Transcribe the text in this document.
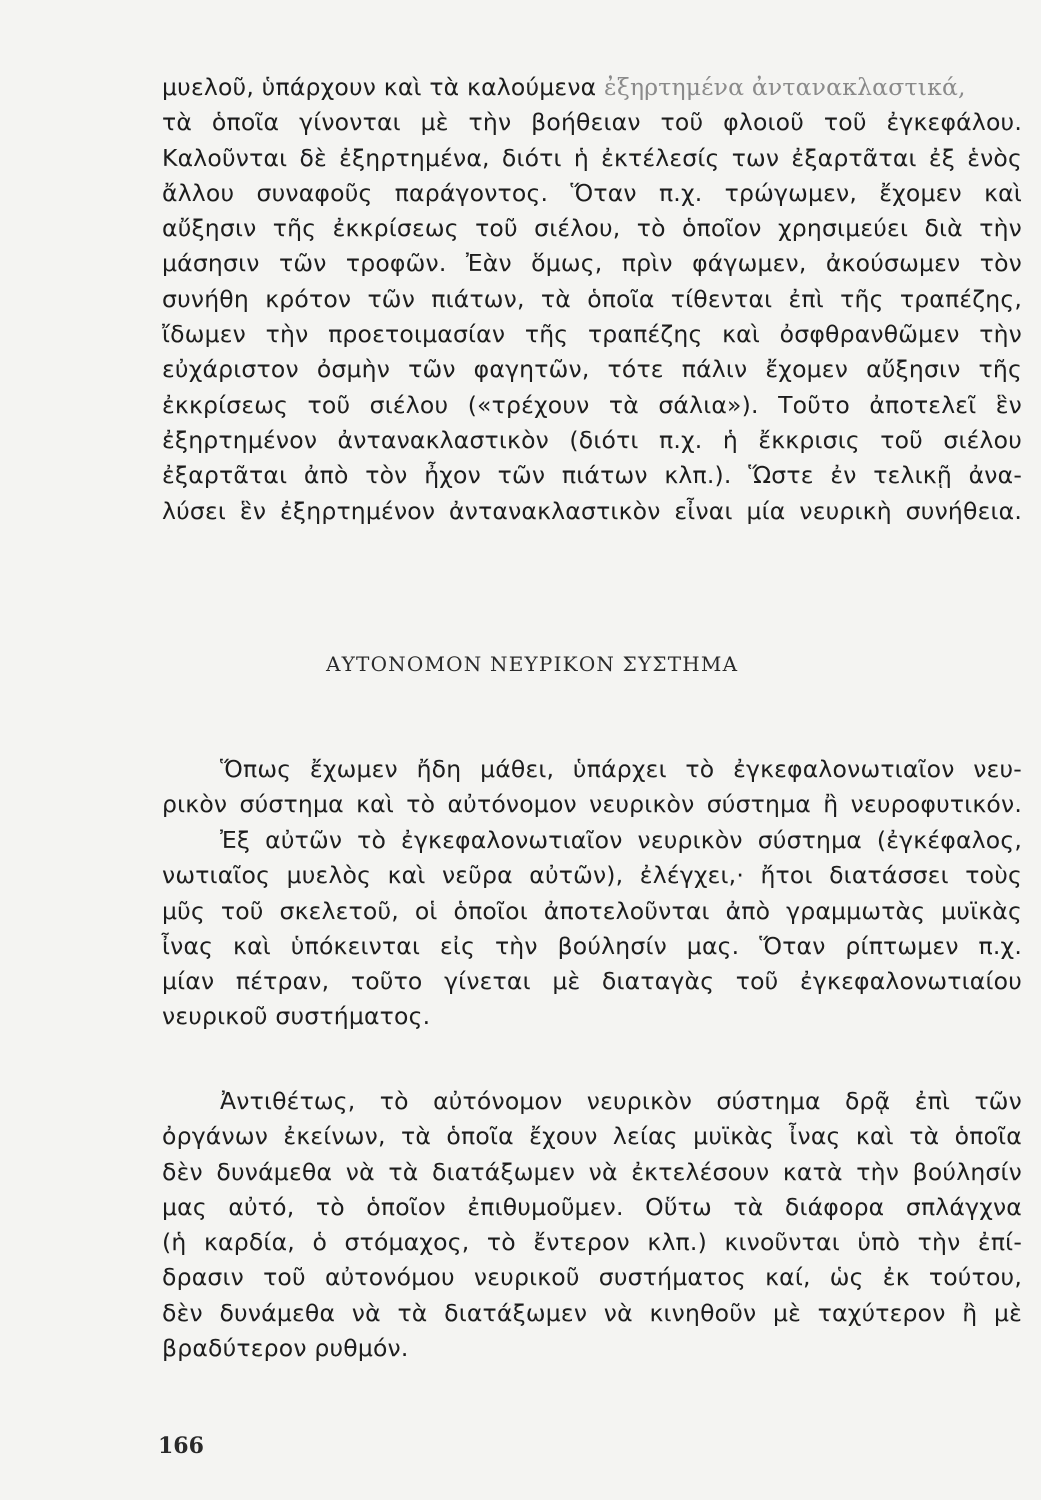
μυελοῦ, ὑπάρχουν καὶ τὰ καλούμενα ἐξηρτημένα ἀντανακλαστικά,
τὰ ὁποῖα γίνονται μὲ τὴν βοήθειαν τοῦ φλοιοῦ τοῦ ἐγκεφάλου.
Καλοῦνται δὲ ἐξηρτημένα, διότι ἡ ἐκτέλεσίς των ἐξαρτᾶται ἐξ ἑνὸς
ἄλλου συναφοῦς παράγοντος. Ὅταν π.χ. τρώγωμεν, ἔχομεν καὶ
αὔξησιν τῆς ἐκκρίσεως τοῦ σιέλου, τὸ ὁποῖον χρησιμεύει διὰ τὴν
μάσησιν τῶν τροφῶν. Ἐὰν ὅμως, πρὶν φάγωμεν, ἀκούσωμεν τὸν
συνήθη κρότον τῶν πιάτων, τὰ ὁποῖα τίθενται ἐπὶ τῆς τραπέζης,
ἴδωμεν τὴν προετοιμασίαν τῆς τραπέζης καὶ ὀσφθρανθῶμεν τὴν
εὐχάριστον ὀσμὴν τῶν φαγητῶν, τότε πάλιν ἔχομεν αὔξησιν τῆς
ἐκκρίσεως τοῦ σιέλου («τρέχουν τὰ σάλια»). Τοῦτο ἀποτελεῖ ἓν
ἐξηρτημένον ἀντανακλαστικὸν (διότι π.χ. ἡ ἔκκρισις τοῦ σιέλου
ἐξαρτᾶται ἀπὸ τὸν ἦχον τῶν πιάτων κλπ.). Ὥστε ἐν τελικῇ ἀνα-
λύσει ἓν ἐξηρτημένον ἀντανακλαστικὸν εἶναι μία νευρικὴ συνήθεια.
ΑΥΤΟΝΟΜΟΝ ΝΕΥΡΙΚΟΝ ΣΥΣΤΗΜΑ
Ὅπως ἔχωμεν ἤδη μάθει, ὑπάρχει τὸ ἐγκεφαλονωτιαῖον νευ-
ρικὸν σύστημα καὶ τὸ αὐτόνομον νευρικὸν σύστημα ἢ νευροφυτικόν.
Ἐξ αὐτῶν τὸ ἐγκεφαλονωτιαῖον νευρικὸν σύστημα (ἐγκέφαλος,
νωτιαῖος μυελὸς καὶ νεῦρα αὐτῶν), ἐλέγχει,· ἤτοι διατάσσει τοὺς
μῦς τοῦ σκελετοῦ, οἱ ὁποῖοι ἀποτελοῦνται ἀπὸ γραμμωτὰς μυϊκὰς
ἶνας καὶ ὑπόκεινται εἰς τὴν βούλησίν μας. Ὅταν ρίπτωμεν π.χ.
μίαν πέτραν, τοῦτο γίνεται μὲ διαταγὰς τοῦ ἐγκεφαλονωτιαίου
νευρικοῦ συστήματος.
Ἀντιθέτως, τὸ αὐτόνομον νευρικὸν σύστημα δρᾷ ἐπὶ τῶν
ὀργάνων ἐκείνων, τὰ ὁποῖα ἔχουν λείας μυϊκὰς ἶνας καὶ τὰ ὁποῖα
δὲν δυνάμεθα νὰ τὰ διατάξωμεν νὰ ἐκτελέσουν κατὰ τὴν βούλησίν
μας αὐτό, τὸ ὁποῖον ἐπιθυμοῦμεν. Οὕτω τὰ διάφορα σπλάγχνα
(ἡ καρδία, ὁ στόμαχος, τὸ ἔντερον κλπ.) κινοῦνται ὑπὸ τὴν ἐπί-
δρασιν τοῦ αὐτονόμου νευρικοῦ συστήματος καί, ὡς ἐκ τούτου,
δὲν δυνάμεθα νὰ τὰ διατάξωμεν νὰ κινηθοῦν μὲ ταχύτερον ἢ μὲ
βραδύτερον ρυθμόν.
166
